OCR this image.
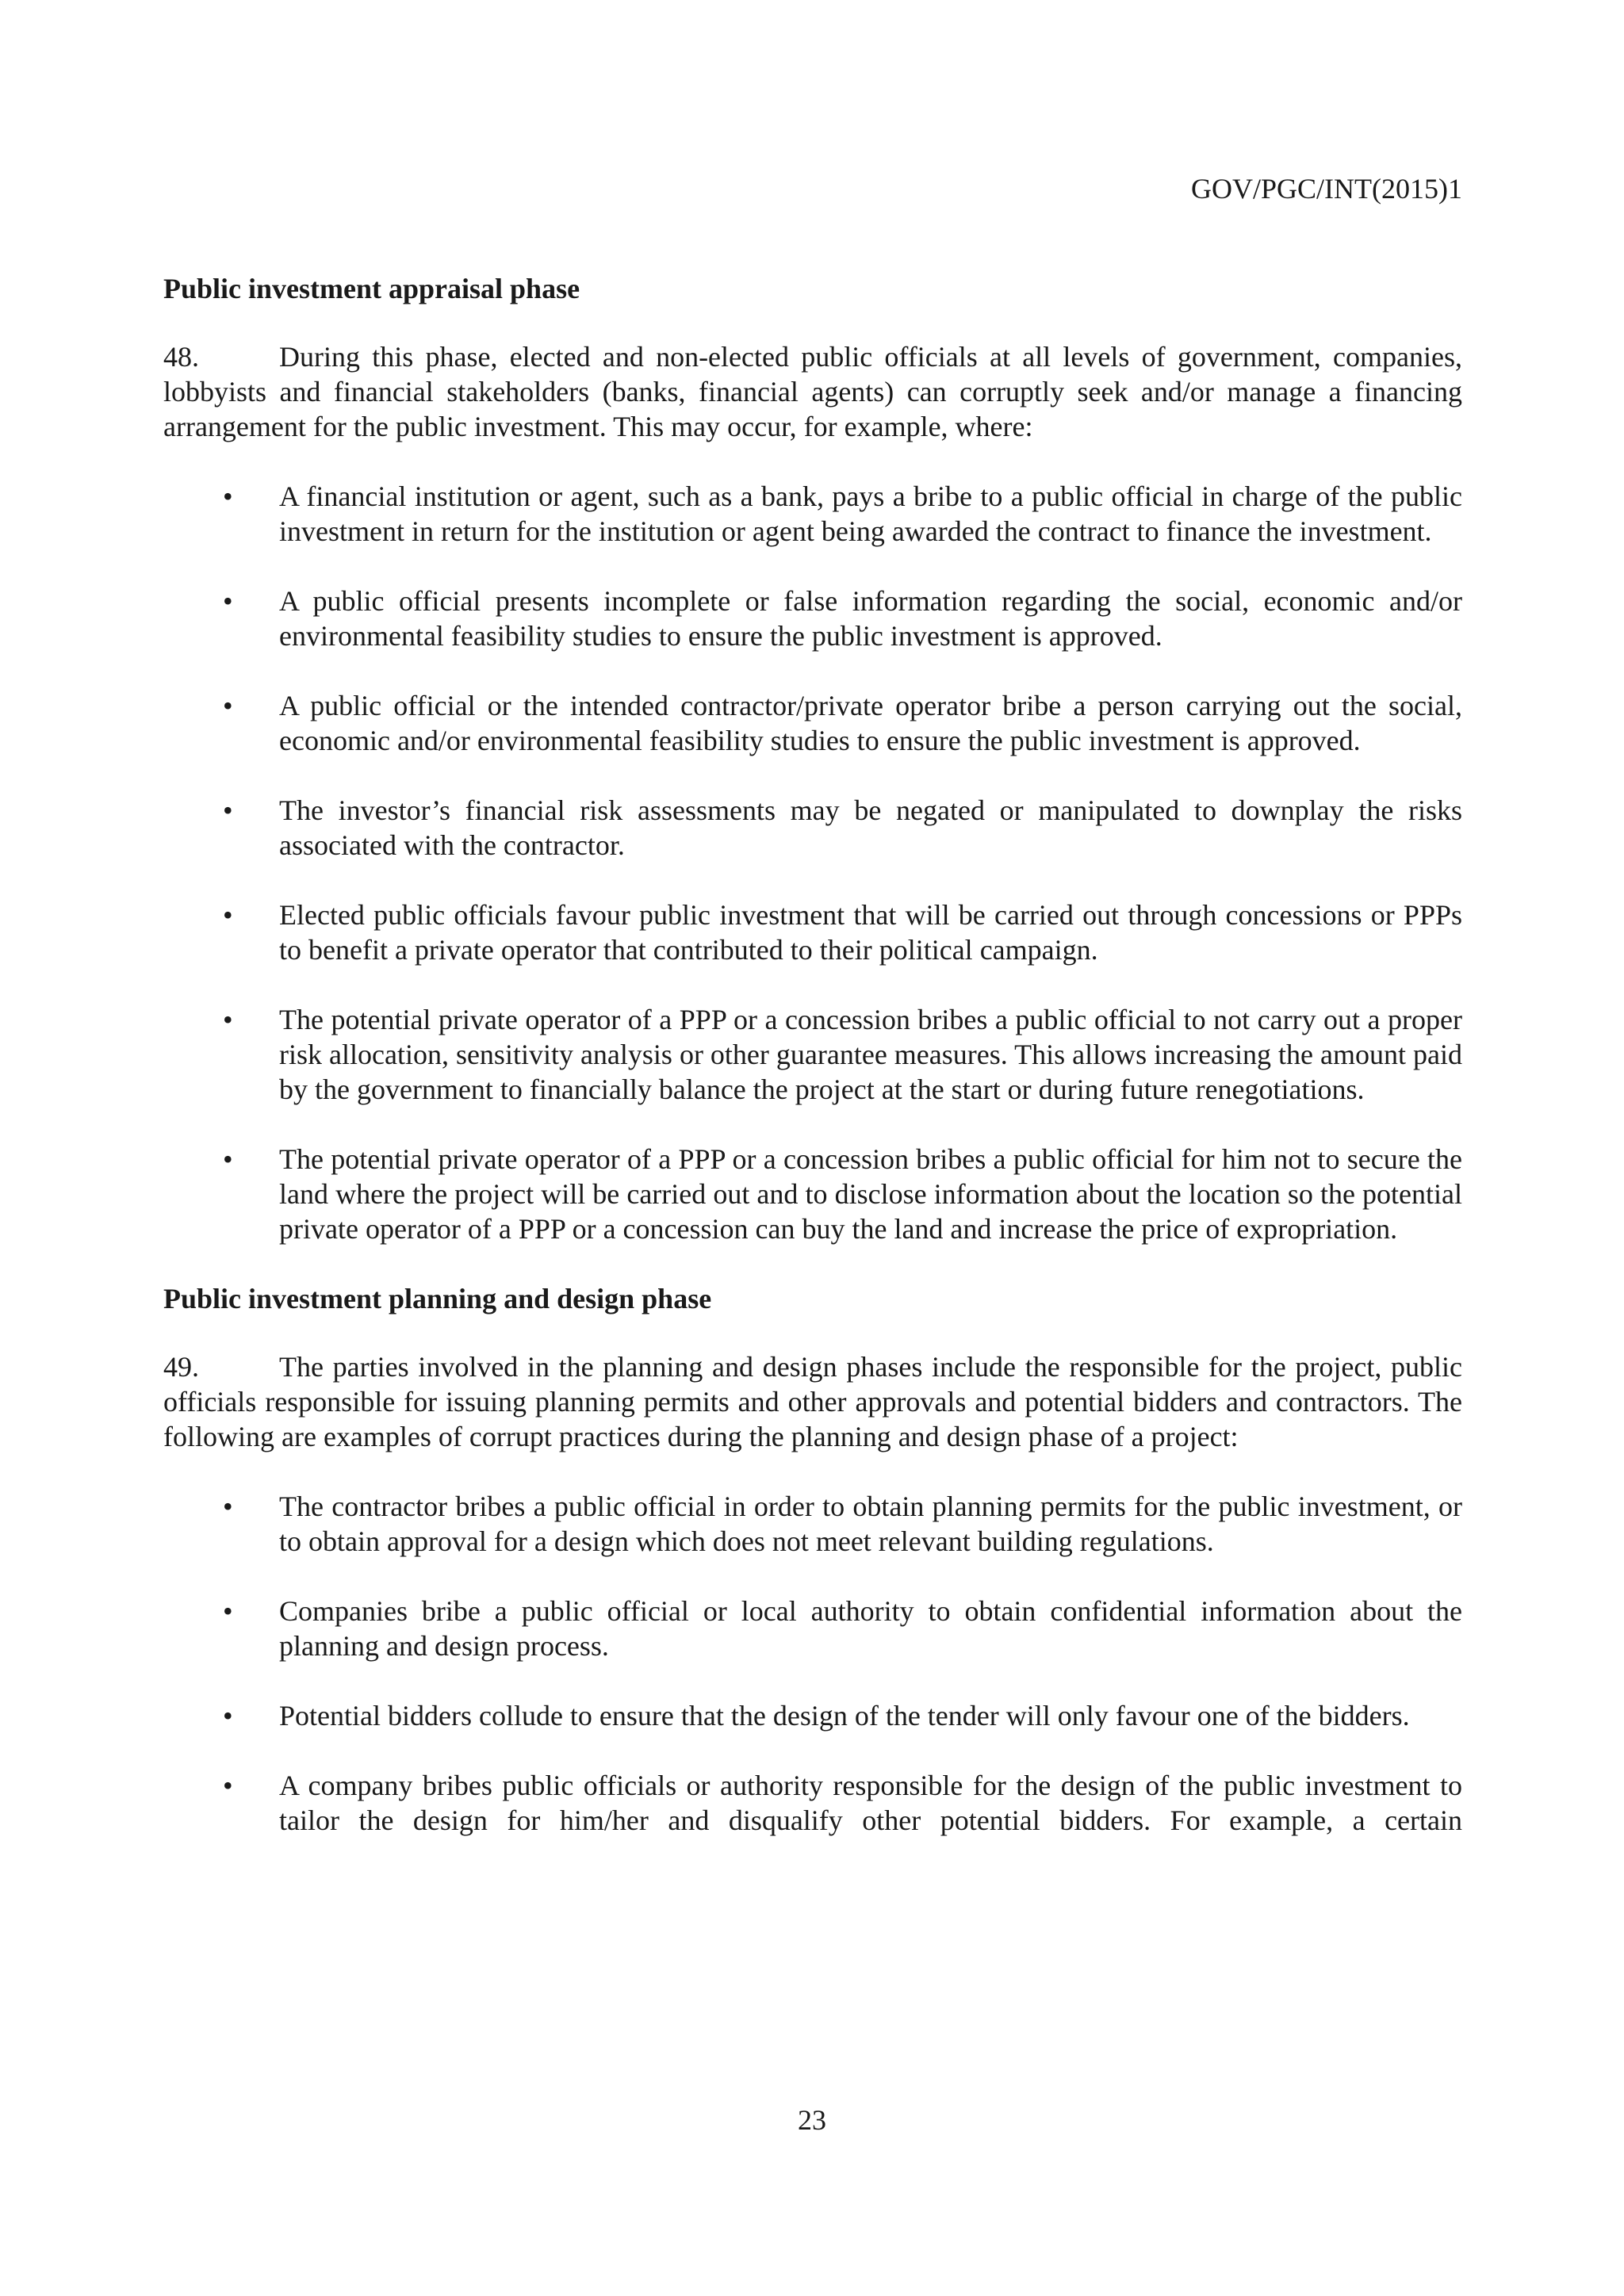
GOV/PGC/INT(2015)1

Public investment appraisal phase

48.	During this phase, elected and non-elected public officials at all levels of government, companies, lobbyists and financial stakeholders (banks, financial agents) can corruptly seek and/or manage a financing arrangement for the public investment. This may occur, for example, where:

•	A financial institution or agent, such as a bank, pays a bribe to a public official in charge of the public investment in return for the institution or agent being awarded the contract to finance the investment.
•	A public official presents incomplete or false information regarding the social, economic and/or environmental feasibility studies to ensure the public investment is approved.
•	A public official or the intended contractor/private operator bribe a person carrying out the social, economic and/or environmental feasibility studies to ensure the public investment is approved.
•	The investor’s financial risk assessments may be negated or manipulated to downplay the risks associated with the contractor.
•	Elected public officials favour public investment that will be carried out through concessions or PPPs to benefit a private operator that contributed to their political campaign.
•	The potential private operator of a PPP or a concession bribes a public official to not carry out a proper risk allocation, sensitivity analysis or other guarantee measures. This allows increasing the amount paid by the government to financially balance the project at the start or during future renegotiations.
•	The potential private operator of a PPP or a concession bribes a public official for him not to secure the land where the project will be carried out and to disclose information about the location so the potential private operator of a PPP or a concession can buy the land and increase the price of expropriation.

Public investment planning and design phase

49.	The parties involved in the planning and design phases include the responsible for the project, public officials responsible for issuing planning permits and other approvals and potential bidders and contractors. The following are examples of corrupt practices during the planning and design phase of a project:

•	The contractor bribes a public official in order to obtain planning permits for the public investment, or to obtain approval for a design which does not meet relevant building regulations.
•	Companies bribe a public official or local authority to obtain confidential information about the planning and design process.
•	Potential bidders collude to ensure that the design of the tender will only favour one of the bidders.
•	A company bribes public officials or authority responsible for the design of the public investment to tailor the design for him/her and disqualify other potential bidders. For example, a certain
23
